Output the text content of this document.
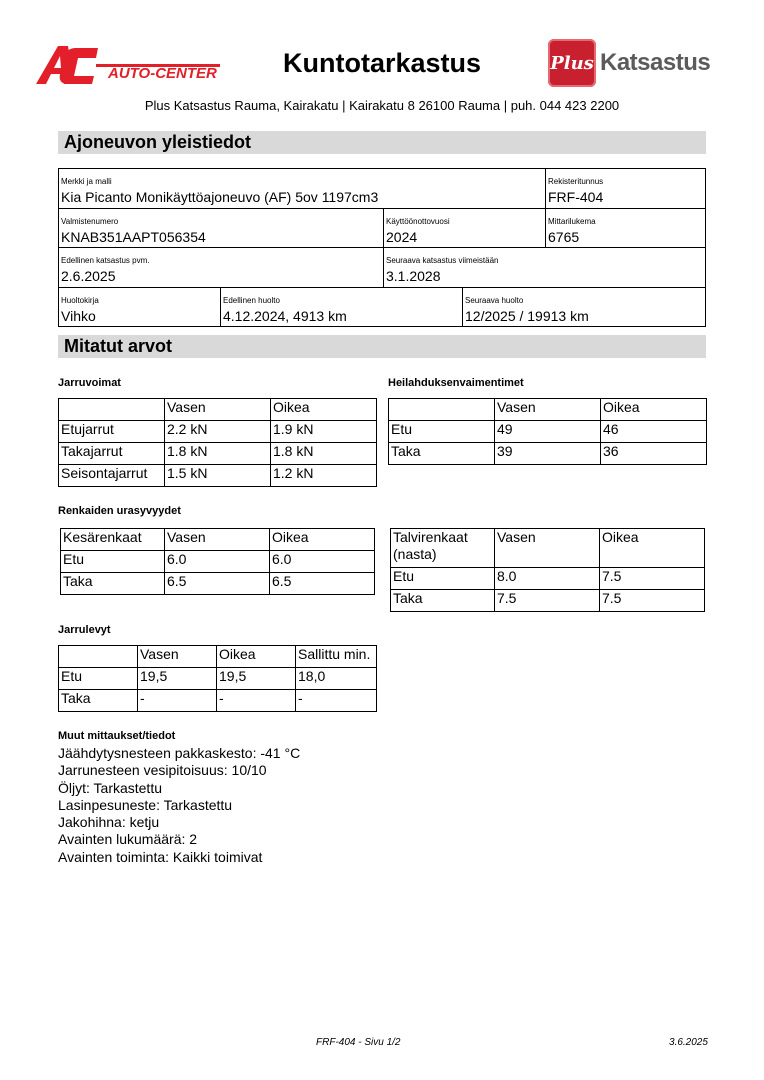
AUTO-CENTER	Kuntotarkastus	Plus Katsastus
Plus Katsastus Rauma, Kairakatu | Kairakatu 8 26100 Rauma | puh. 044 423 2200
Ajoneuvon yleistiedot
Merkki ja malli
Kia Picanto Monikäyttöajoneuvo (AF) 5ov 1197cm3
Rekisteritunnus
FRF-404
Valmistenumero
KNAB351AAPT056354
Käyttöönottovuosi
2024
Mittarilukema
6765
Edellinen katsastus pvm.
2.6.2025
Seuraava katsastus viimeistään
3.1.2028
Huoltokirja
Vihko
Edellinen huolto
4.12.2024, 4913 km
Seuraava huolto
12/2025 / 19913 km
Mitatut arvot
Jarruvoimat	Heilahduksenvaimentimet
	Vasen	Oikea
Etujarrut	2.2 kN	1.9 kN
Takajarrut	1.8 kN	1.8 kN
Seisontajarrut	1.5 kN	1.2 kN
	Vasen	Oikea
Etu	49	46
Taka	39	36
Renkaiden urasyvyydet
Kesärenkaat	Vasen	Oikea
Etu	6.0	6.0
Taka	6.5	6.5
Talvirenkaat (nasta)	Vasen	Oikea
Etu	8.0	7.5
Taka	7.5	7.5
Jarrulevyt
	Vasen	Oikea	Sallittu min.
Etu	19,5	19,5	18,0
Taka	-	-	-
Muut mittaukset/tiedot
Jäähdytysnesteen pakkaskesto: -41 °C
Jarrunesteen vesipitoisuus: 10/10
Öljyt: Tarkastettu
Lasinpesuneste: Tarkastettu
Jakohihna: ketju
Avainten lukumäärä: 2
Avainten toiminta: Kaikki toimivat
FRF-404 - Sivu 1/2	3.6.2025
